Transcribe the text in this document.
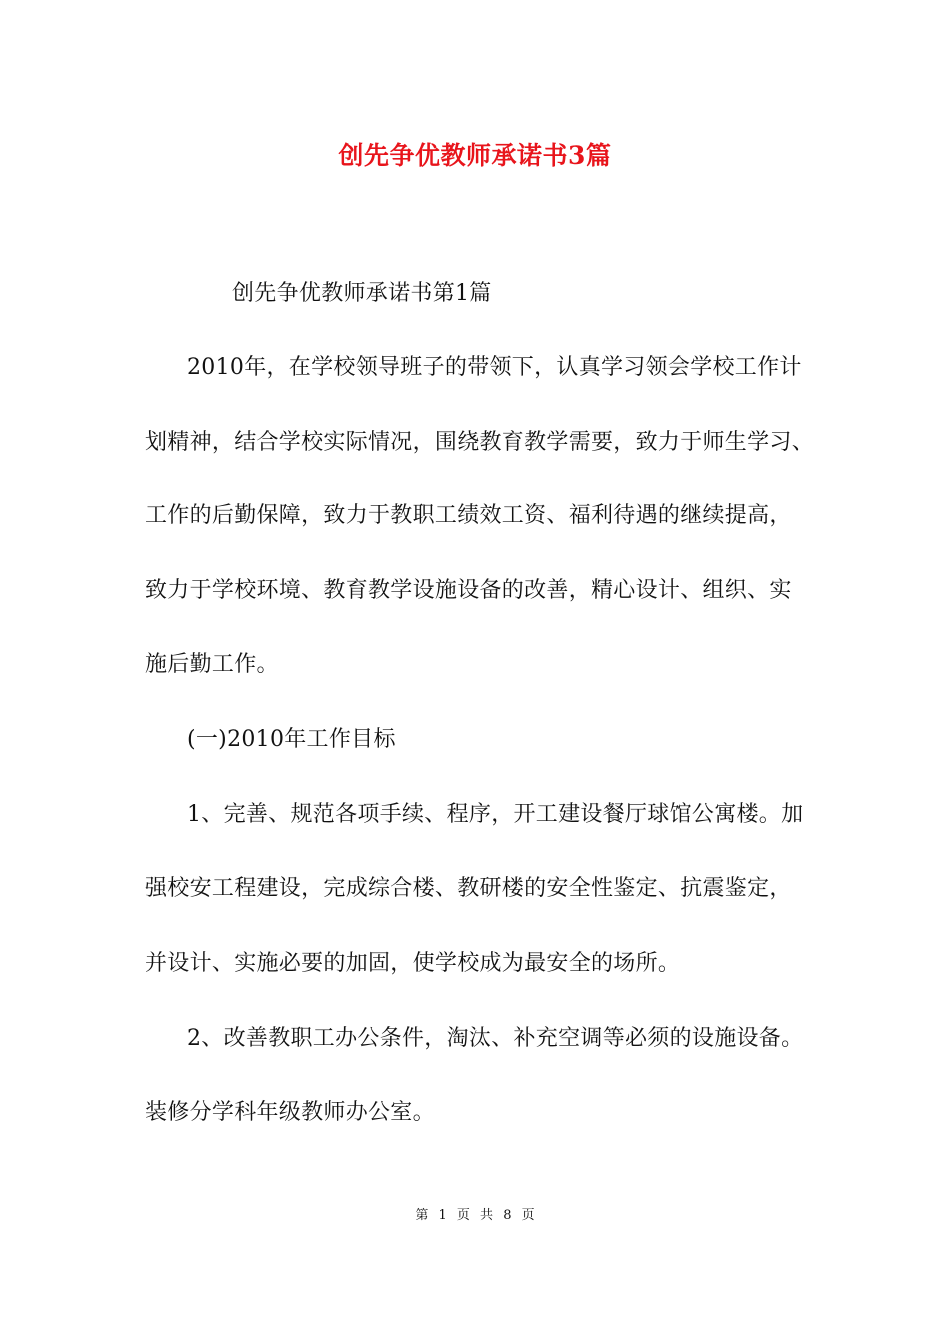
创先争优教师承诺书3篇
创先争优教师承诺书第1篇
2010年，在学校领导班子的带领下，认真学习领会学校工作计
划精神，结合学校实际情况，围绕教育教学需要，致力于师生学习、
工作的后勤保障，致力于教职工绩效工资、福利待遇的继续提高，
致力于学校环境、教育教学设施设备的改善，精心设计、组织、实
施后勤工作。
(一)2010年工作目标
1、完善、规范各项手续、程序，开工建设餐厅球馆公寓楼。加
强校安工程建设，完成综合楼、教研楼的安全性鉴定、抗震鉴定，
并设计、实施必要的加固，使学校成为最安全的场所。
2、改善教职工办公条件，淘汰、补充空调等必须的设施设备。
装修分学科年级教师办公室。
第 1 页 共 8 页
